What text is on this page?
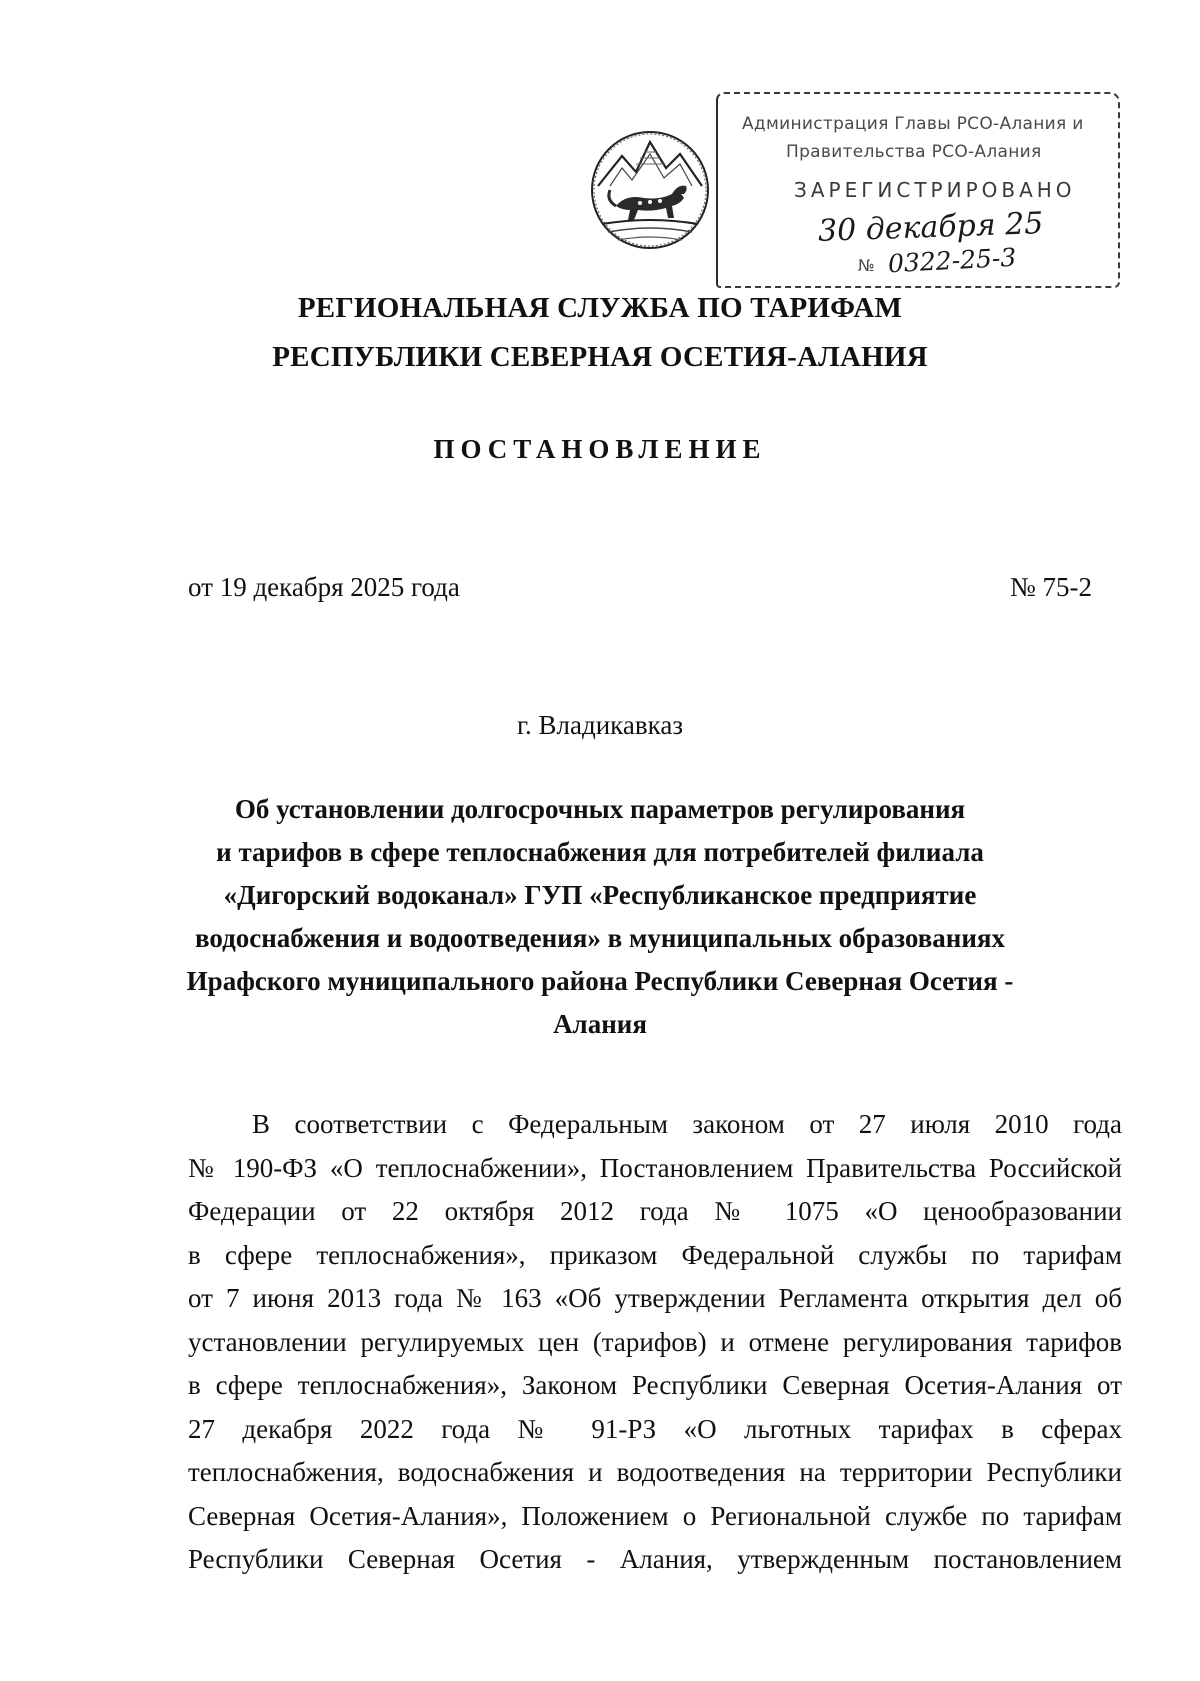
Администрация Главы РСО-Алания и
Правительства РСО-Алания
ЗАРЕГИСТРИРОВАНО
30 декабря 25
№ 0322-25-3
РЕГИОНАЛЬНАЯ СЛУЖБА ПО ТАРИФАМ
РЕСПУБЛИКИ СЕВЕРНАЯ ОСЕТИЯ-АЛАНИЯ
ПОСТАНОВЛЕНИЕ
от 19 декабря 2025 года	№ 75-2
г. Владикавказ
Об установлении долгосрочных параметров регулирования
и тарифов в сфере теплоснабжения для потребителей филиала
«Дигорский водоканал» ГУП «Республиканское предприятие
водоснабжения и водоотведения» в муниципальных образованиях
Ирафского муниципального района Республики Северная Осетия -
Алания
В соответствии с Федеральным законом от 27 июля 2010 года
№ 190-ФЗ «О теплоснабжении», Постановлением Правительства Российской
Федерации от 22 октября 2012 года № 1075 «О ценообразовании
в сфере теплоснабжения», приказом Федеральной службы по тарифам
от 7 июня 2013 года № 163 «Об утверждении Регламента открытия дел об
установлении регулируемых цен (тарифов) и отмене регулирования тарифов
в сфере теплоснабжения», Законом Республики Северная Осетия-Алания от
27 декабря 2022 года № 91-РЗ «О льготных тарифах в сферах
теплоснабжения, водоснабжения и водоотведения на территории Республики
Северная Осетия-Алания», Положением о Региональной службе по тарифам
Республики Северная Осетия - Алания, утвержденным постановлением
